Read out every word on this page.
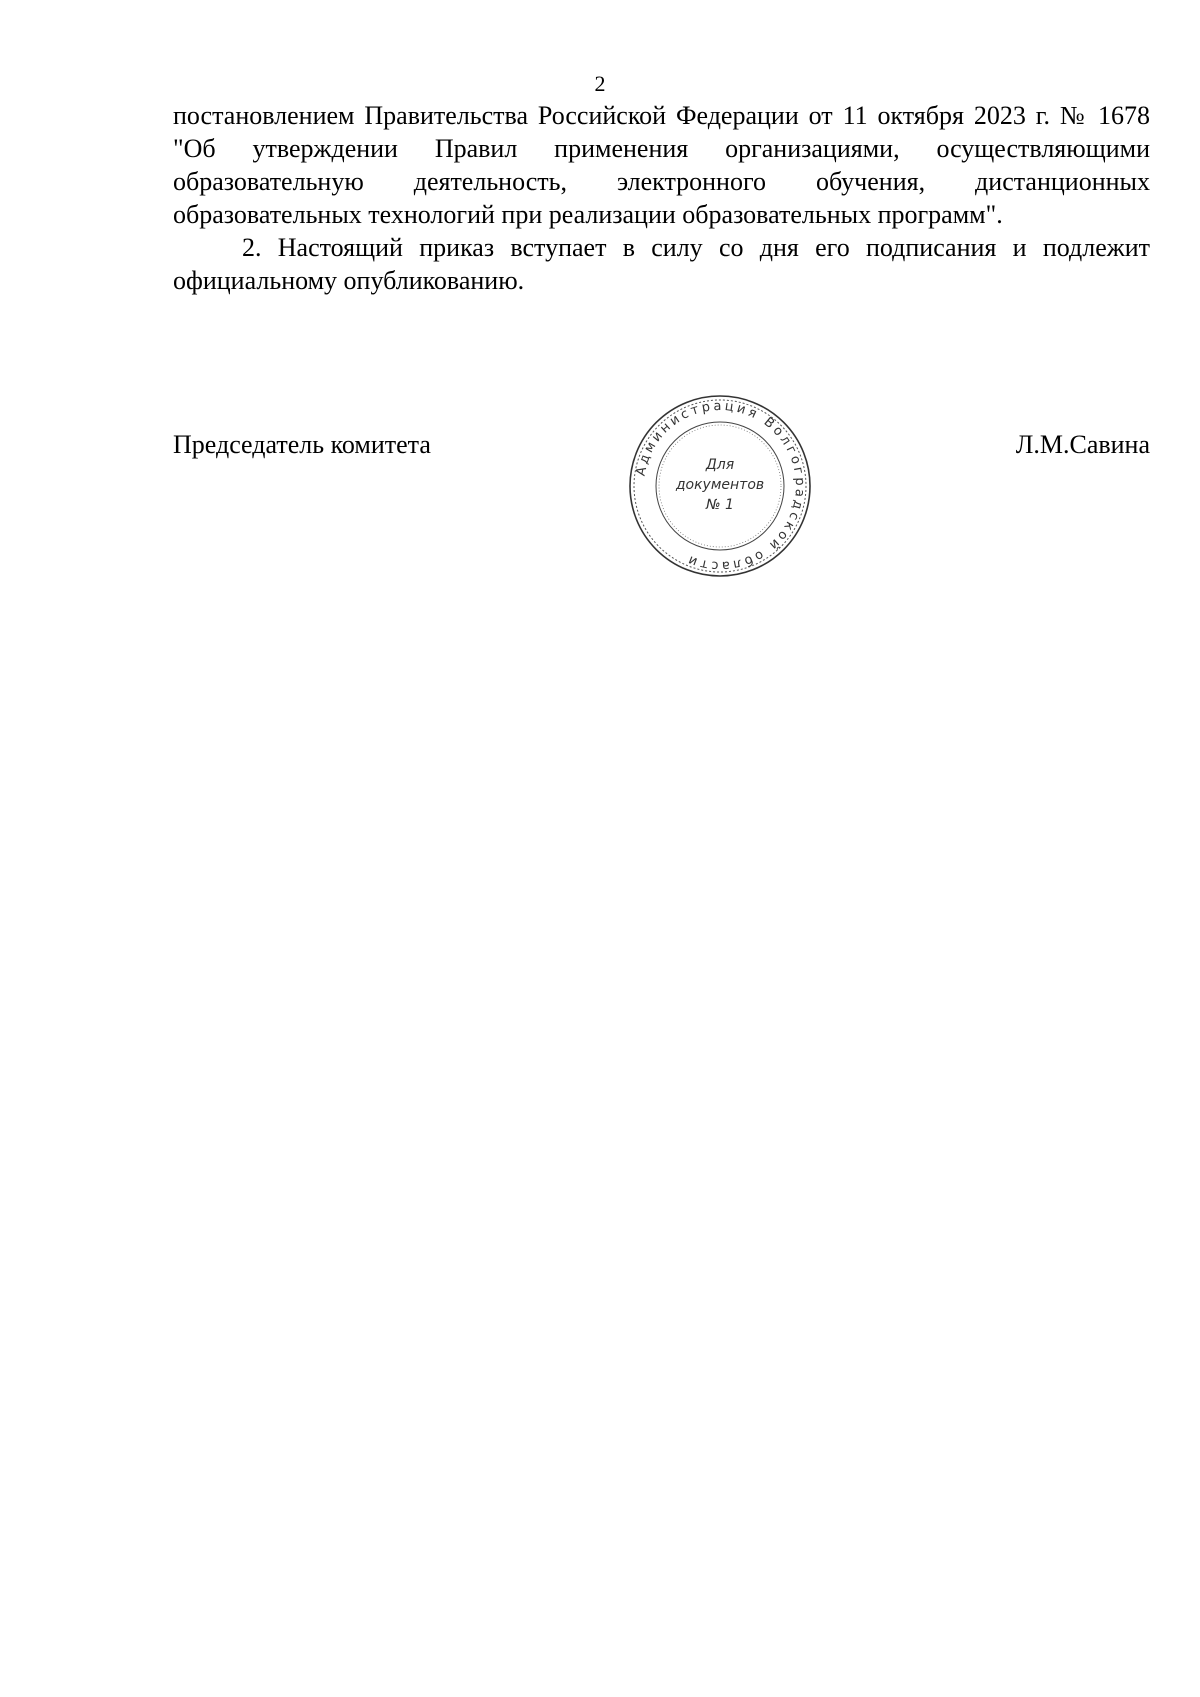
2

постановлением Правительства Российской Федерации от 11 октября 2023 г. № 1678 "Об утверждении Правил применения организациями, осуществляющими образовательную деятельность, электронного обучения, дистанционных образовательных технологий при реализации образовательных программ".

2. Настоящий приказ вступает в силу со дня его подписания и подлежит официальному опубликованию.

Председатель комитета	Л.М.Савина
Администрация Волгоградской области
Для
документов
№ 1
